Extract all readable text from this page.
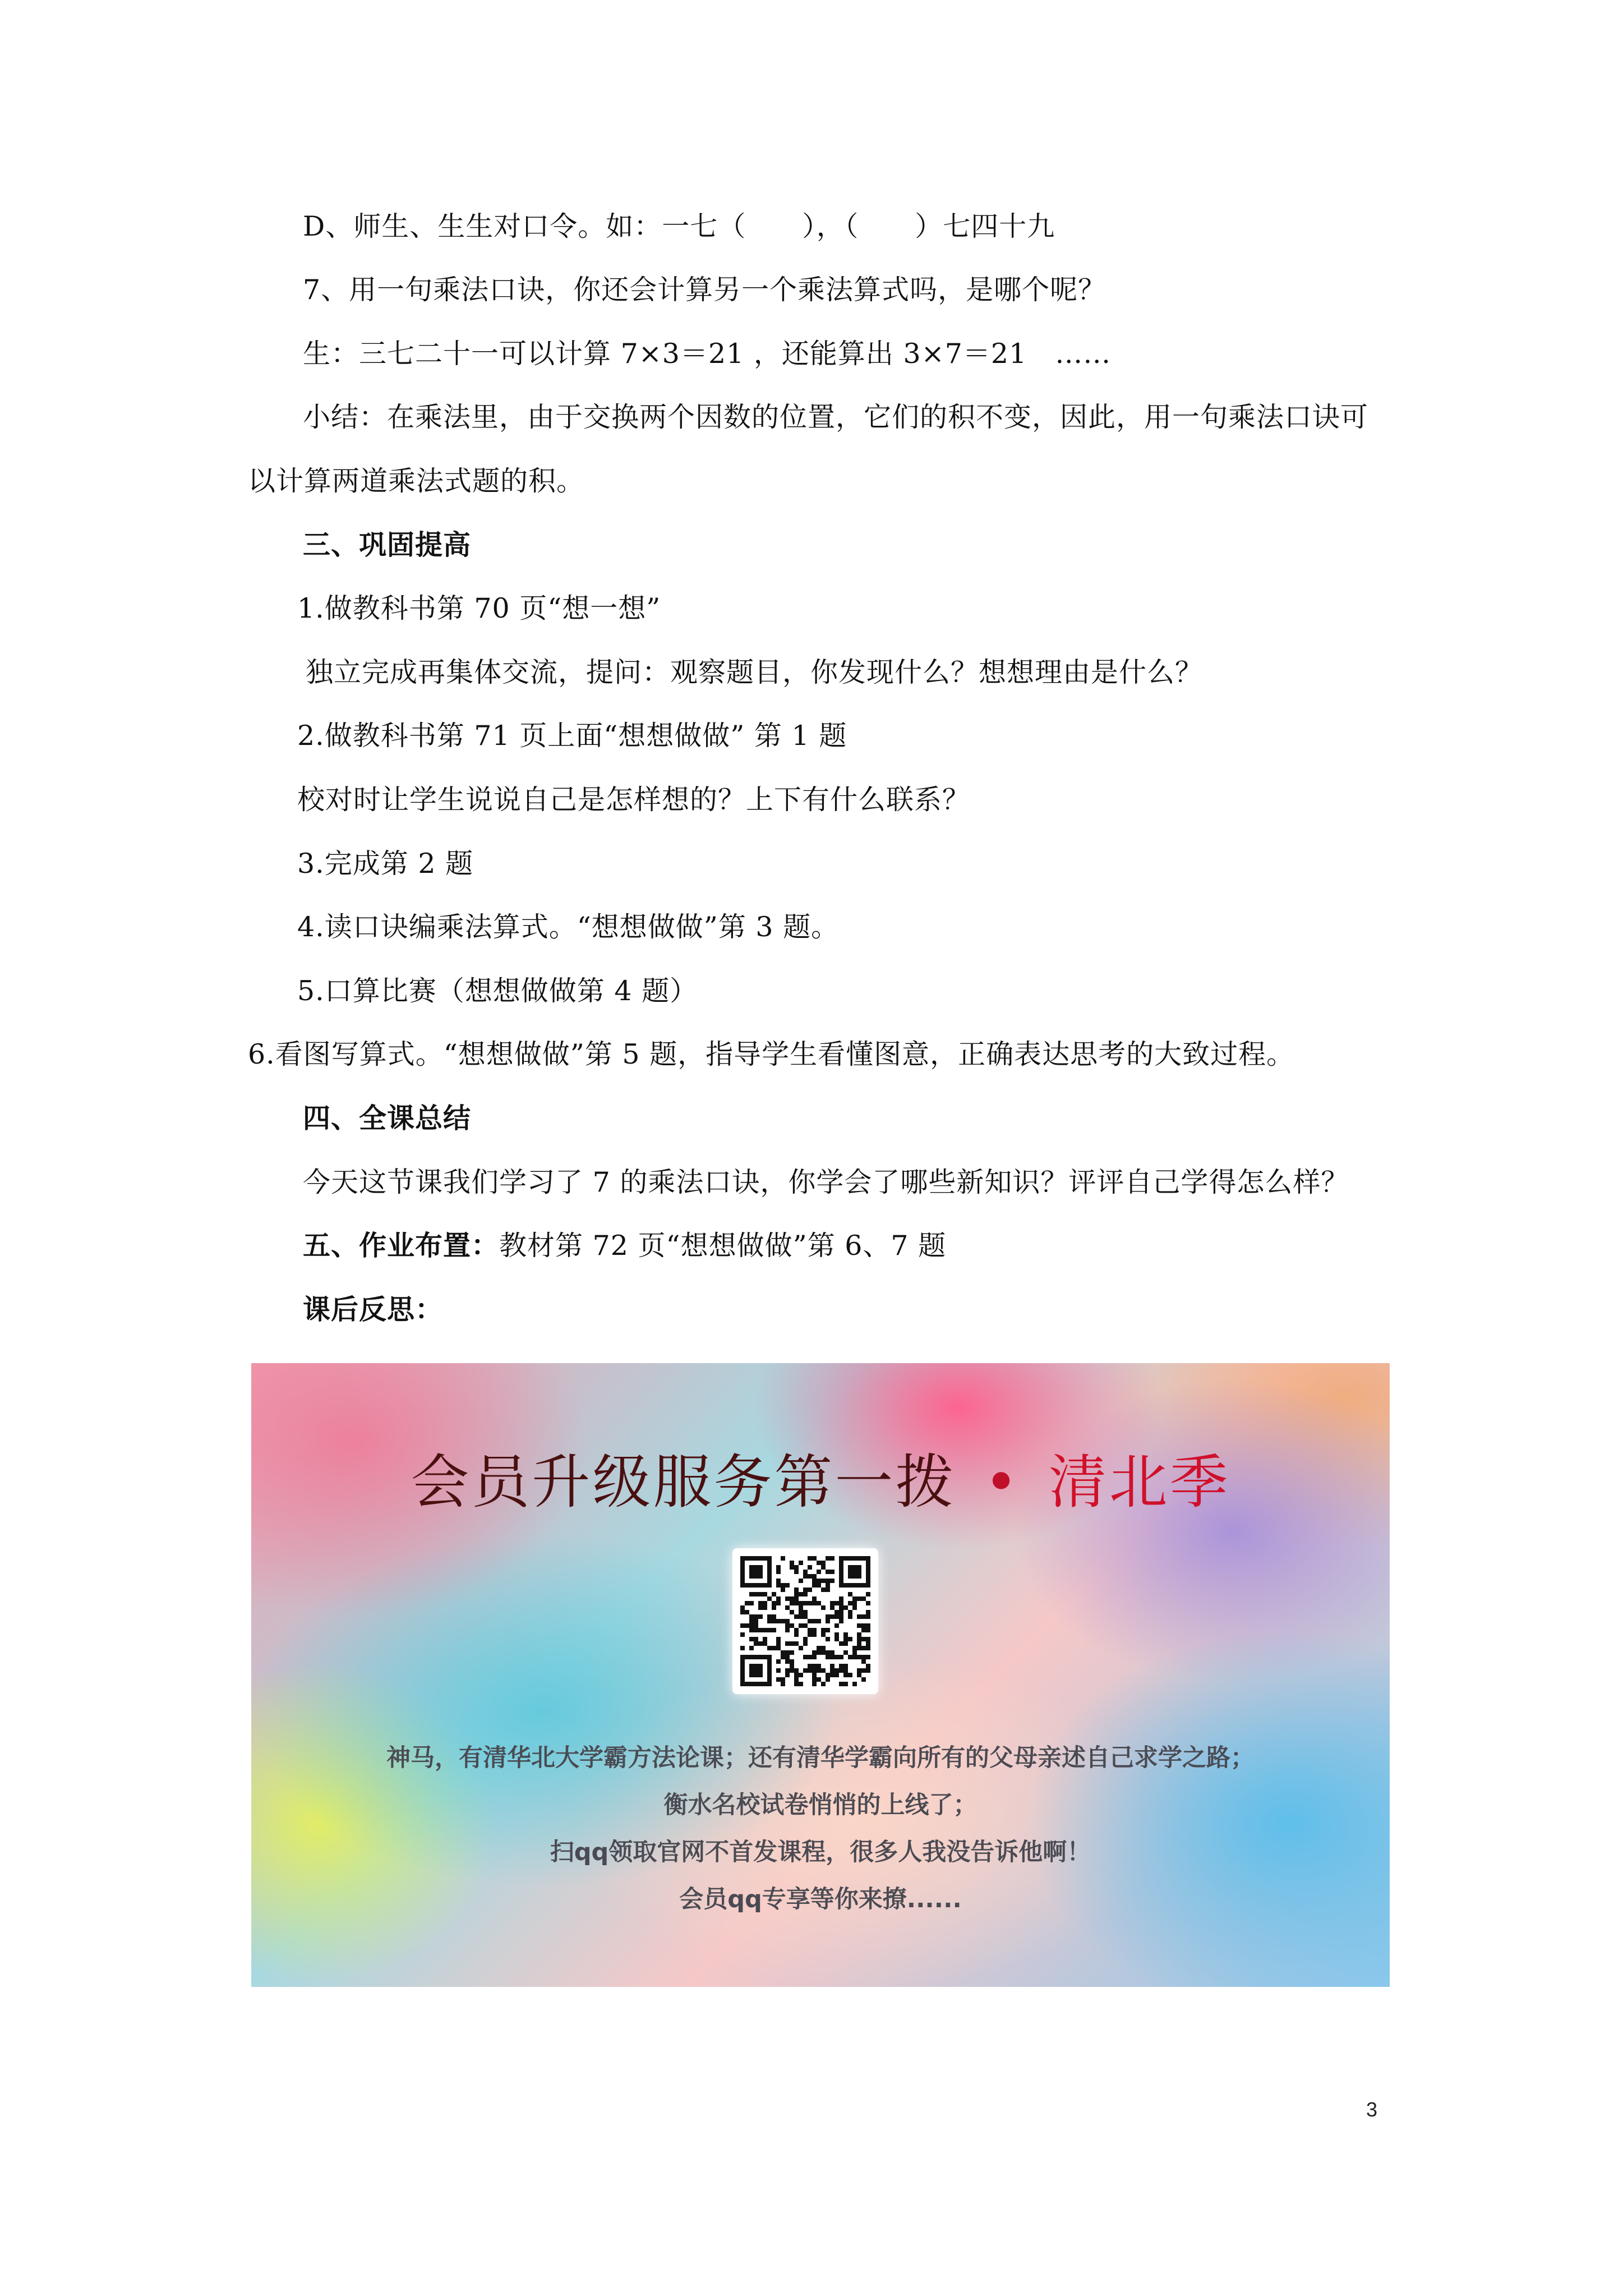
D、师生、生生对口令。如：一七（　　），（　　）七四十九
7、用一句乘法口诀，你还会计算另一个乘法算式吗，是哪个呢？
生：三七二十一可以计算 7×3＝21 ，还能算出 3×7＝21　……
小结：在乘法里，由于交换两个因数的位置，它们的积不变，因此，用一句乘法口诀可
以计算两道乘法式题的积。
三、巩固提高
1.做教科书第 70 页“想一想”
独立完成再集体交流，提问：观察题目，你发现什么？想想理由是什么？
2.做教科书第 71 页上面“想想做做” 第 1 题
校对时让学生说说自己是怎样想的？上下有什么联系？
3.完成第 2 题
4.读口诀编乘法算式。“想想做做”第 3 题。
5.口算比赛（想想做做第 4 题）
6.看图写算式。“想想做做”第 5 题，指导学生看懂图意，正确表达思考的大致过程。
四、全课总结
今天这节课我们学习了 7 的乘法口诀，你学会了哪些新知识？评评自己学得怎么样？
五、作业布置：教材第 72 页“想想做做”第 6、7 题
课后反思：
会员升级服务第一拨 • 清北季
神马，有清华北大学霸方法论课；还有清华学霸向所有的父母亲述自己求学之路；
衡水名校试卷悄悄的上线了；
扫qq领取官网不首发课程，很多人我没告诉他啊！
会员qq专享等你来撩......
3
